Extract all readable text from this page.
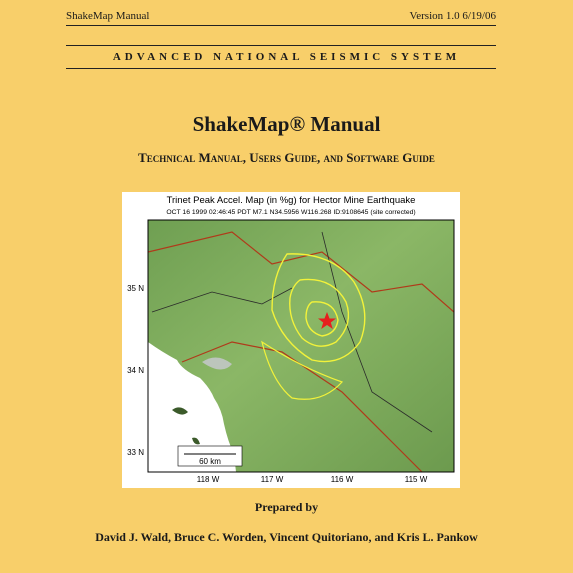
ShakeMap Manual	Version 1.0 6/19/06
ADVANCED NATIONAL SEISMIC SYSTEM
ShakeMap® Manual
Technical Manual, Users Guide, and Software Guide
Trinet Peak Accel. Map (in %g) for Hector Mine Earthquake
OCT 16 1999 02:46:45 PDT M7.1 N34.5956 W116.268 ID:9108645 (site corrected)
35 N
34 N
33 N
118 W	117 W	116 W	115 W
60 km
Prepared by
David J. Wald, Bruce C. Worden, Vincent Quitoriano, and Kris L. Pankow
